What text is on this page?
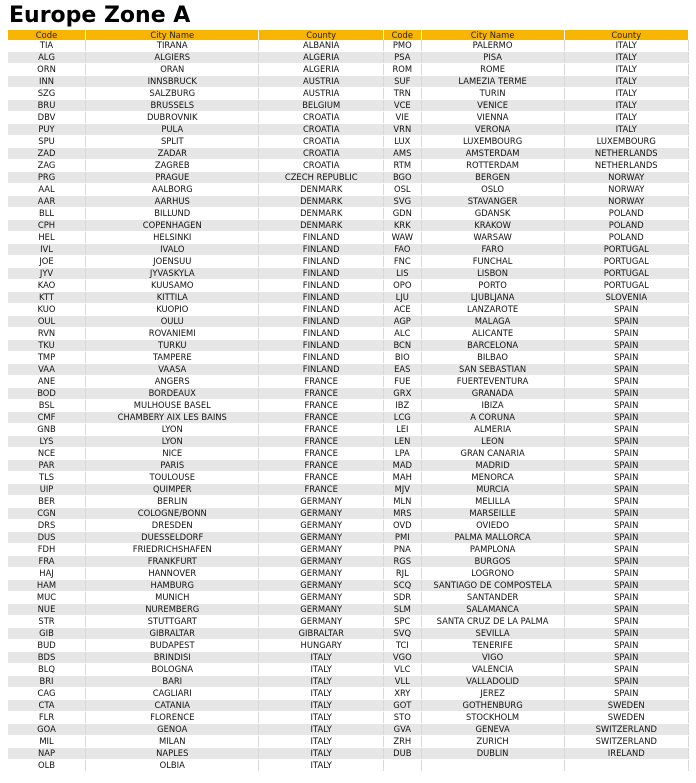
Europe Zone A
Code	City Name	County	Code	City Name	County
TIA	TIRANA	ALBANIA	PMO	PALERMO	ITALY
ALG	ALGIERS	ALGERIA	PSA	PISA	ITALY
ORN	ORAN	ALGERIA	ROM	ROME	ITALY
INN	INNSBRUCK	AUSTRIA	SUF	LAMEZIA TERME	ITALY
SZG	SALZBURG	AUSTRIA	TRN	TURIN	ITALY
BRU	BRUSSELS	BELGIUM	VCE	VENICE	ITALY
DBV	DUBROVNIK	CROATIA	VIE	VIENNA	ITALY
PUY	PULA	CROATIA	VRN	VERONA	ITALY
SPU	SPLIT	CROATIA	LUX	LUXEMBOURG	LUXEMBOURG
ZAD	ZADAR	CROATIA	AMS	AMSTERDAM	NETHERLANDS
ZAG	ZAGREB	CROATIA	RTM	ROTTERDAM	NETHERLANDS
PRG	PRAGUE	CZECH REPUBLIC	BGO	BERGEN	NORWAY
AAL	AALBORG	DENMARK	OSL	OSLO	NORWAY
AAR	AARHUS	DENMARK	SVG	STAVANGER	NORWAY
BLL	BILLUND	DENMARK	GDN	GDANSK	POLAND
CPH	COPENHAGEN	DENMARK	KRK	KRAKOW	POLAND
HEL	HELSINKI	FINLAND	WAW	WARSAW	POLAND
IVL	IVALO	FINLAND	FAO	FARO	PORTUGAL
JOE	JOENSUU	FINLAND	FNC	FUNCHAL	PORTUGAL
JYV	JYVASKYLA	FINLAND	LIS	LISBON	PORTUGAL
KAO	KUUSAMO	FINLAND	OPO	PORTO	PORTUGAL
KTT	KITTILA	FINLAND	LJU	LJUBLJANA	SLOVENIA
KUO	KUOPIO	FINLAND	ACE	LANZAROTE	SPAIN
OUL	OULU	FINLAND	AGP	MALAGA	SPAIN
RVN	ROVANIEMI	FINLAND	ALC	ALICANTE	SPAIN
TKU	TURKU	FINLAND	BCN	BARCELONA	SPAIN
TMP	TAMPERE	FINLAND	BIO	BILBAO	SPAIN
VAA	VAASA	FINLAND	EAS	SAN SEBASTIAN	SPAIN
ANE	ANGERS	FRANCE	FUE	FUERTEVENTURA	SPAIN
BOD	BORDEAUX	FRANCE	GRX	GRANADA	SPAIN
BSL	MULHOUSE BASEL	FRANCE	IBZ	IBIZA	SPAIN
CMF	CHAMBERY AIX LES BAINS	FRANCE	LCG	A CORUNA	SPAIN
GNB	LYON	FRANCE	LEI	ALMERIA	SPAIN
LYS	LYON	FRANCE	LEN	LEON	SPAIN
NCE	NICE	FRANCE	LPA	GRAN CANARIA	SPAIN
PAR	PARIS	FRANCE	MAD	MADRID	SPAIN
TLS	TOULOUSE	FRANCE	MAH	MENORCA	SPAIN
UIP	QUIMPER	FRANCE	MJV	MURCIA	SPAIN
BER	BERLIN	GERMANY	MLN	MELILLA	SPAIN
CGN	COLOGNE/BONN	GERMANY	MRS	MARSEILLE	SPAIN
DRS	DRESDEN	GERMANY	OVD	OVIEDO	SPAIN
DUS	DUESSELDORF	GERMANY	PMI	PALMA MALLORCA	SPAIN
FDH	FRIEDRICHSHAFEN	GERMANY	PNA	PAMPLONA	SPAIN
FRA	FRANKFURT	GERMANY	RGS	BURGOS	SPAIN
HAJ	HANNOVER	GERMANY	RJL	LOGRONO	SPAIN
HAM	HAMBURG	GERMANY	SCQ	SANTIAGO DE COMPOSTELA	SPAIN
MUC	MUNICH	GERMANY	SDR	SANTANDER	SPAIN
NUE	NUREMBERG	GERMANY	SLM	SALAMANCA	SPAIN
STR	STUTTGART	GERMANY	SPC	SANTA CRUZ DE LA PALMA	SPAIN
GIB	GIBRALTAR	GIBRALTAR	SVQ	SEVILLA	SPAIN
BUD	BUDAPEST	HUNGARY	TCI	TENERIFE	SPAIN
BDS	BRINDISI	ITALY	VGO	VIGO	SPAIN
BLQ	BOLOGNA	ITALY	VLC	VALENCIA	SPAIN
BRI	BARI	ITALY	VLL	VALLADOLID	SPAIN
CAG	CAGLIARI	ITALY	XRY	JEREZ	SPAIN
CTA	CATANIA	ITALY	GOT	GOTHENBURG	SWEDEN
FLR	FLORENCE	ITALY	STO	STOCKHOLM	SWEDEN
GOA	GENOA	ITALY	GVA	GENEVA	SWITZERLAND
MIL	MILAN	ITALY	ZRH	ZURICH	SWITZERLAND
NAP	NAPLES	ITALY	DUB	DUBLIN	IRELAND
OLB	OLBIA	ITALY			
